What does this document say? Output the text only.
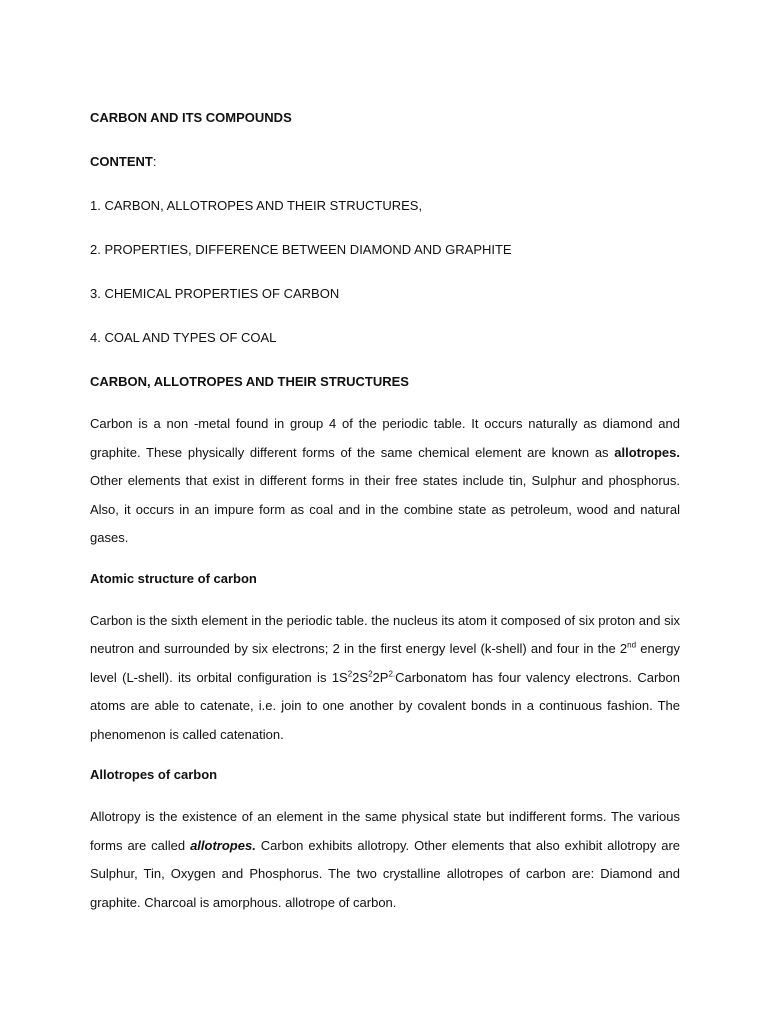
CARBON AND ITS COMPOUNDS

CONTENT:

1. CARBON, ALLOTROPES AND THEIR STRUCTURES,

2. PROPERTIES, DIFFERENCE BETWEEN DIAMOND AND GRAPHITE

3. CHEMICAL PROPERTIES OF CARBON

4. COAL AND TYPES OF COAL

CARBON, ALLOTROPES AND THEIR STRUCTURES

Carbon is a non -metal found in group 4 of the periodic table. It occurs naturally as diamond and graphite. These physically different forms of the same chemical element are known as allotropes. Other elements that exist in different forms in their free states include tin, Sulphur and phosphorus. Also, it occurs in an impure form as coal and in the combine state as petroleum, wood and natural gases.

Atomic structure of carbon

Carbon is the sixth element in the periodic table. the nucleus its atom it composed of six proton and six neutron and surrounded by six electrons; 2 in the first energy level (k-shell) and four in the 2nd energy level (L-shell). its orbital configuration is $1S^22S^22P^{2.}Carbonatom$ has four valency electrons. Carbon atoms are able to catenate, i.e. join to one another by covalent bonds in a continuous fashion. The phenomenon is called catenation.

Allotropes of carbon

Allotropy is the existence of an element in the same physical state but indifferent forms. The various forms are called allotropes. Carbon exhibits allotropy. Other elements that also exhibit allotropy are Sulphur, Tin, Oxygen and Phosphorus. The two crystalline allotropes of carbon are: Diamond and graphite. Charcoal is amorphous. allotrope of carbon.
